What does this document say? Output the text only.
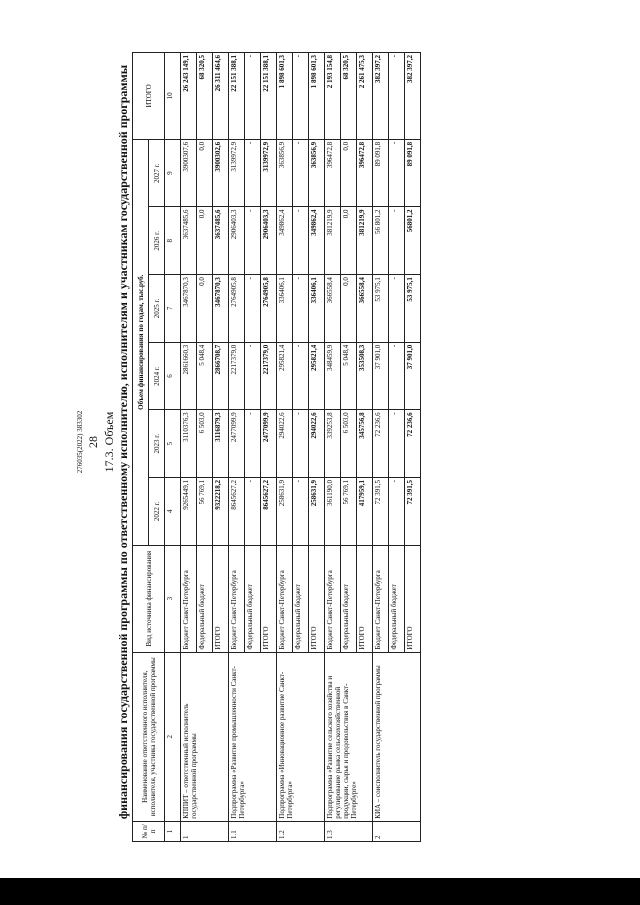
276035(2022) 383302 28 17.3. Объем финансирования государственной программы по ответственному исполнителю, исполнителям и участникам государственной программы
№ п/п	Наименование ответственного исполнителя, исполнителя, участника государственной программы	Вид источника финансирования	Объем финансирования по годам, тыс.руб.						ИТОГО
			2022 г.	2023 г.	2024 г.	2025 г.	2026 г.	2027 г.	
1	2	3	4	5	6	7	8	9	10
1	КППИТ – ответственный исполнитель государственной программы	Бюджет Санкт-Петербурга	9265449,1	3110376,3	2861660,3	3467870,3	3637485,6	3900307,6	26 243 149,1
		Федеральный бюджет	56 769,1	6 503,0	5 048,4	0,0	0,0	0,0	68 320,5
		ИТОГО	9322218,2	3116879,3	2866708,7	3467870,3	3637485,6	3900302,6	26 311 464,6
1.1	Подпрограмма «Развитие промышленности Санкт-Петербурга»	Бюджет Санкт-Петербурга	8645627,2	2477099,9	2217379,0	2764905,8	2906403,3	3139972,9	22 151 388,1
		Федеральный бюджет	-	-	-	-	-	-	-
		ИТОГО	8645627,2	2477099,9	2217379,0	2764905,8	2906403,3	3139972,9	22 151 388,1
1.2	Подпрограмма «Инновационное развитие Санкт-Петербурга»	Бюджет Санкт-Петербурга	258631,9	294022,6	295821,4	336406,1	349862,4	363856,9	1 898 601,3
		Федеральный бюджет	-	-	-	-	-	-	-
		ИТОГО	258631,9	294022,6	295821,4	336406,1	349862,4	363856,9	1 898 601,3
1.3	Подпрограмма «Развитие сельского хозяйства и регулирование рынка сельскохозяйственной продукции, сырья и продовольствия в Санкт-Петербурге»	Бюджет Санкт-Петербурга	361190,0	339253,8	348459,9	366558,4	381219,9	396472,8	2 193 154,8
		Федеральный бюджет	56 769,1	6 503,0	5 048,4	0,0	0,0	0,0	68 320,5
		ИТОГО	417959,1	345756,8	353508,3	366558,4	381219,9	396472,8	2 261 475,3
2	КИА – соисполнитель государственной программы	Бюджет Санкт-Петербурга	72 391,5	72 236,6	37 901,0	53 975,1	56 801,2	89 091,8	382 397,2
		Федеральный бюджет	-	-	-	-	-	-	-
		ИТОГО	72 391,5	72 236,6	37 901,0	53 975,1	56801,2	89 091,8	382 397,2
